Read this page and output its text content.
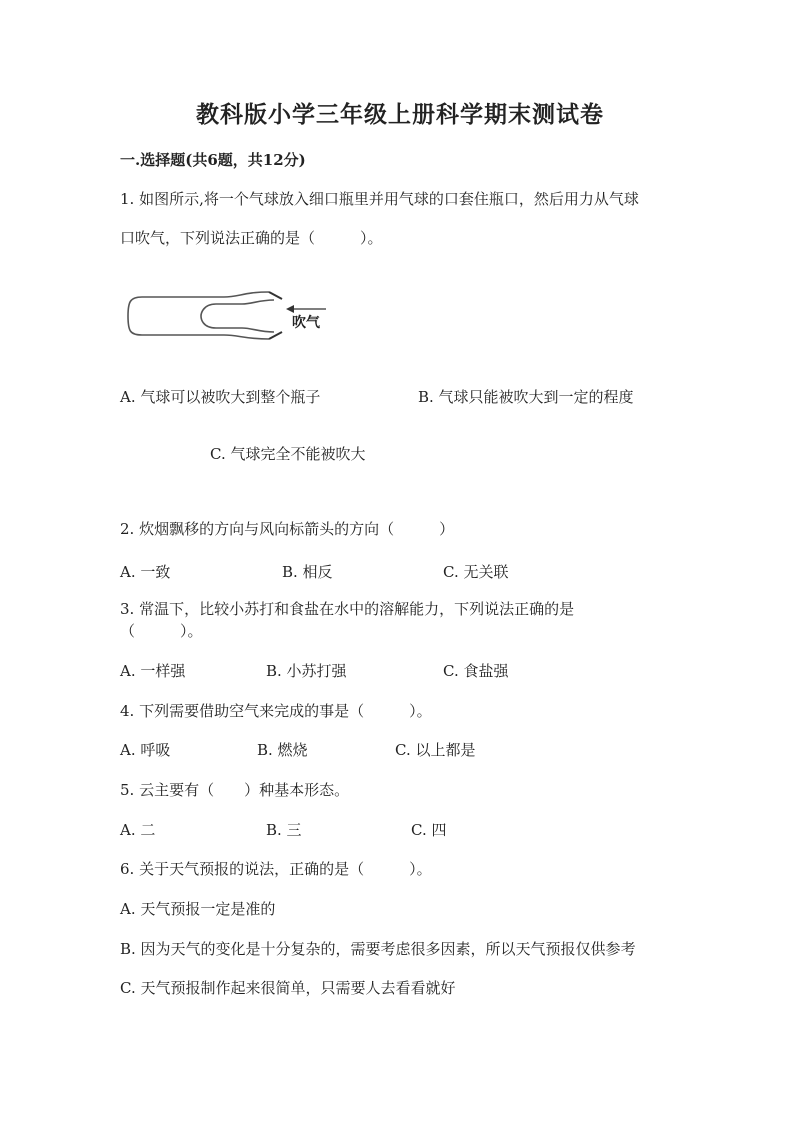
教科版小学三年级上册科学期末测试卷
一.选择题(共6题，共12分)
1. 如图所示,将一个气球放入细口瓶里并用气球的口套住瓶口，然后用力从气球
口吹气，下列说法正确的是（　　　）。
吹气
A. 气球可以被吹大到整个瓶子	B. 气球只能被吹大到一定的程度
C. 气球完全不能被吹大
2. 炊烟飘移的方向与风向标箭头的方向（　　　）
A. 一致	B. 相反	C. 无关联
3. 常温下，比较小苏打和食盐在水中的溶解能力，下列说法正确的是
（　　　）。
A. 一样强	B. 小苏打强	C. 食盐强
4. 下列需要借助空气来完成的事是（　　　）。
A. 呼吸	B. 燃烧	C. 以上都是
5. 云主要有（　　）种基本形态。
A. 二	B. 三	C. 四
6. 关于天气预报的说法，正确的是（　　　）。
A. 天气预报一定是准的
B. 因为天气的变化是十分复杂的，需要考虑很多因素，所以天气预报仅供参考
C. 天气预报制作起来很简单，只需要人去看看就好
